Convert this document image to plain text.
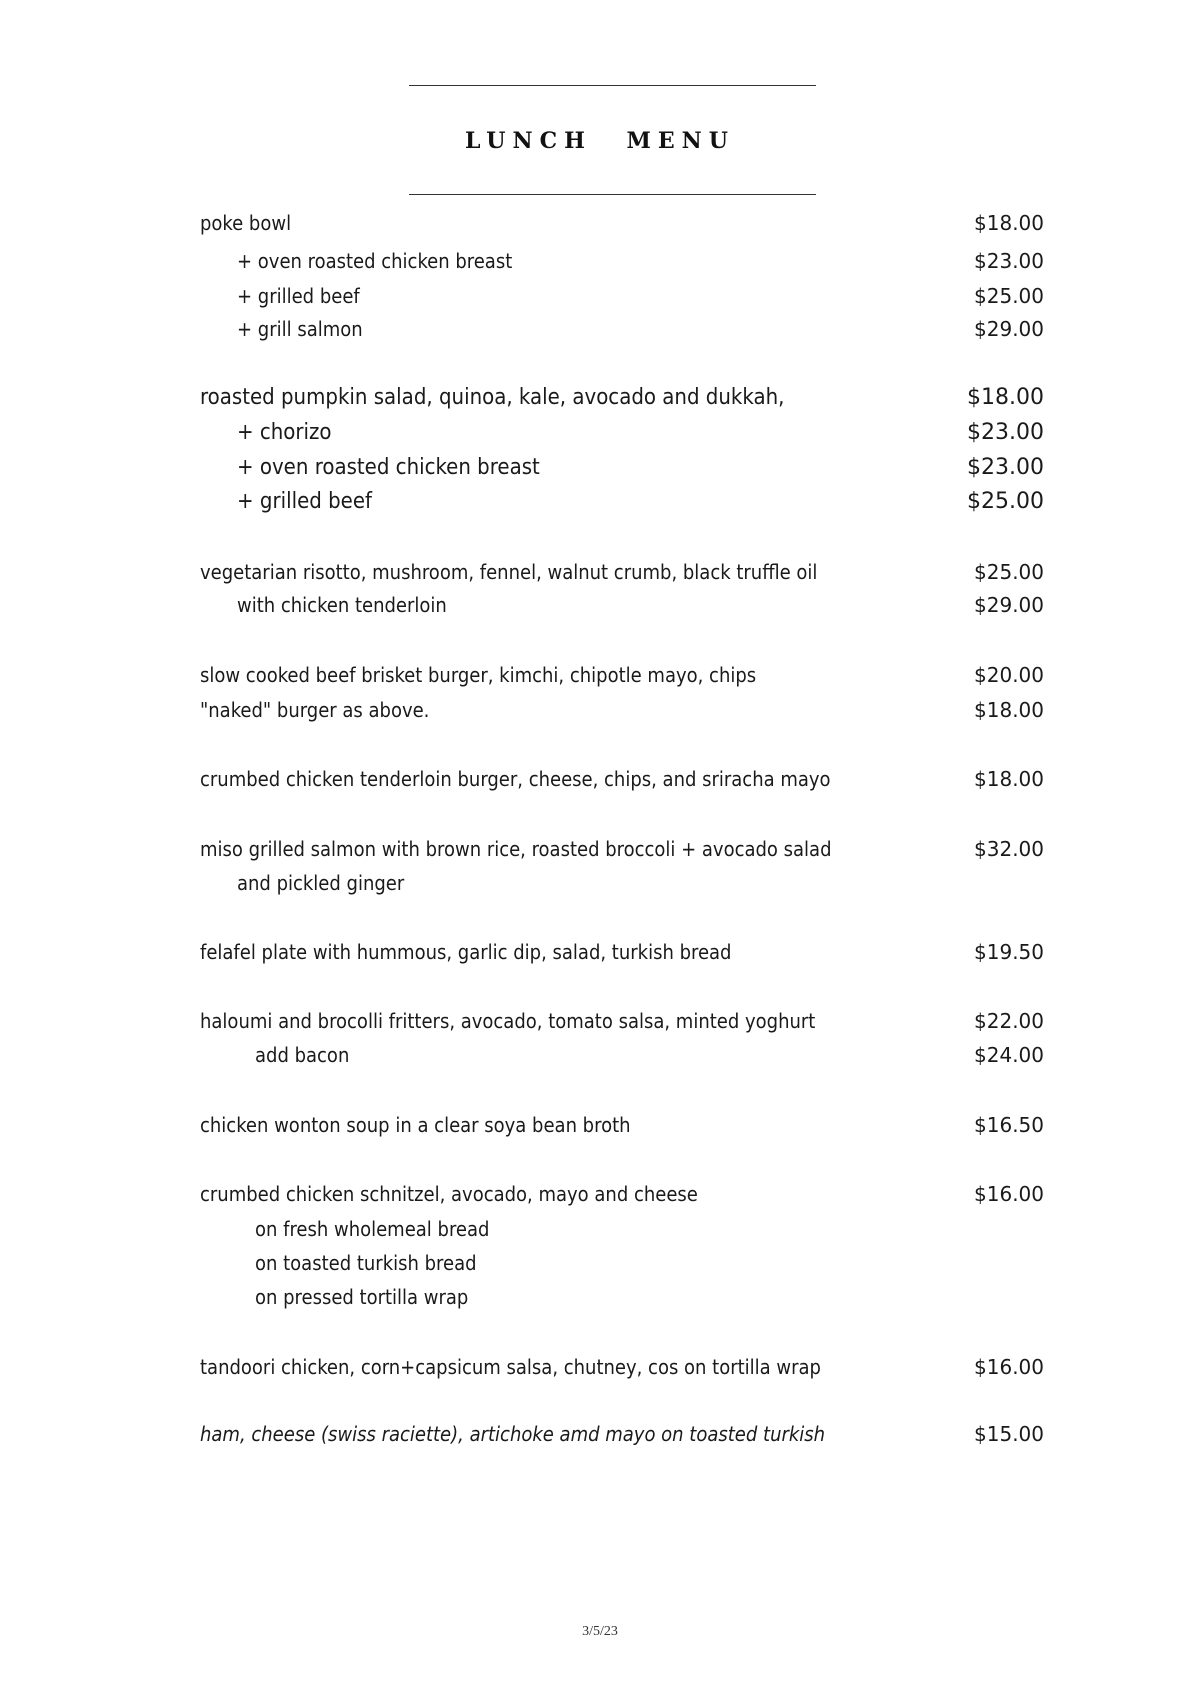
LUNCH MENU
poke bowl	$18.00
+ oven roasted chicken breast	$23.00
+ grilled beef	$25.00
+ grill salmon	$29.00
roasted pumpkin salad, quinoa, kale, avocado and dukkah,	$18.00
+ chorizo	$23.00
+ oven roasted chicken breast	$23.00
+ grilled beef	$25.00
vegetarian risotto, mushroom, fennel, walnut crumb, black truffle oil	$25.00
with chicken tenderloin	$29.00
slow cooked beef brisket burger, kimchi, chipotle mayo, chips	$20.00
"naked" burger as above.	$18.00
crumbed chicken tenderloin burger, cheese, chips, and sriracha mayo	$18.00
miso grilled salmon with brown rice, roasted broccoli + avocado salad	$32.00
and pickled ginger
felafel plate with hummous, garlic dip, salad, turkish bread	$19.50
haloumi and brocolli fritters, avocado, tomato salsa, minted yoghurt	$22.00
add bacon	$24.00
chicken wonton soup in a clear soya bean broth	$16.50
crumbed chicken schnitzel, avocado, mayo and cheese	$16.00
on fresh wholemeal bread
on toasted turkish bread
on pressed tortilla wrap
tandoori chicken, corn+capsicum salsa, chutney, cos on tortilla wrap	$16.00
ham, cheese (swiss raciette), artichoke amd mayo on toasted turkish	$15.00
3/5/23
